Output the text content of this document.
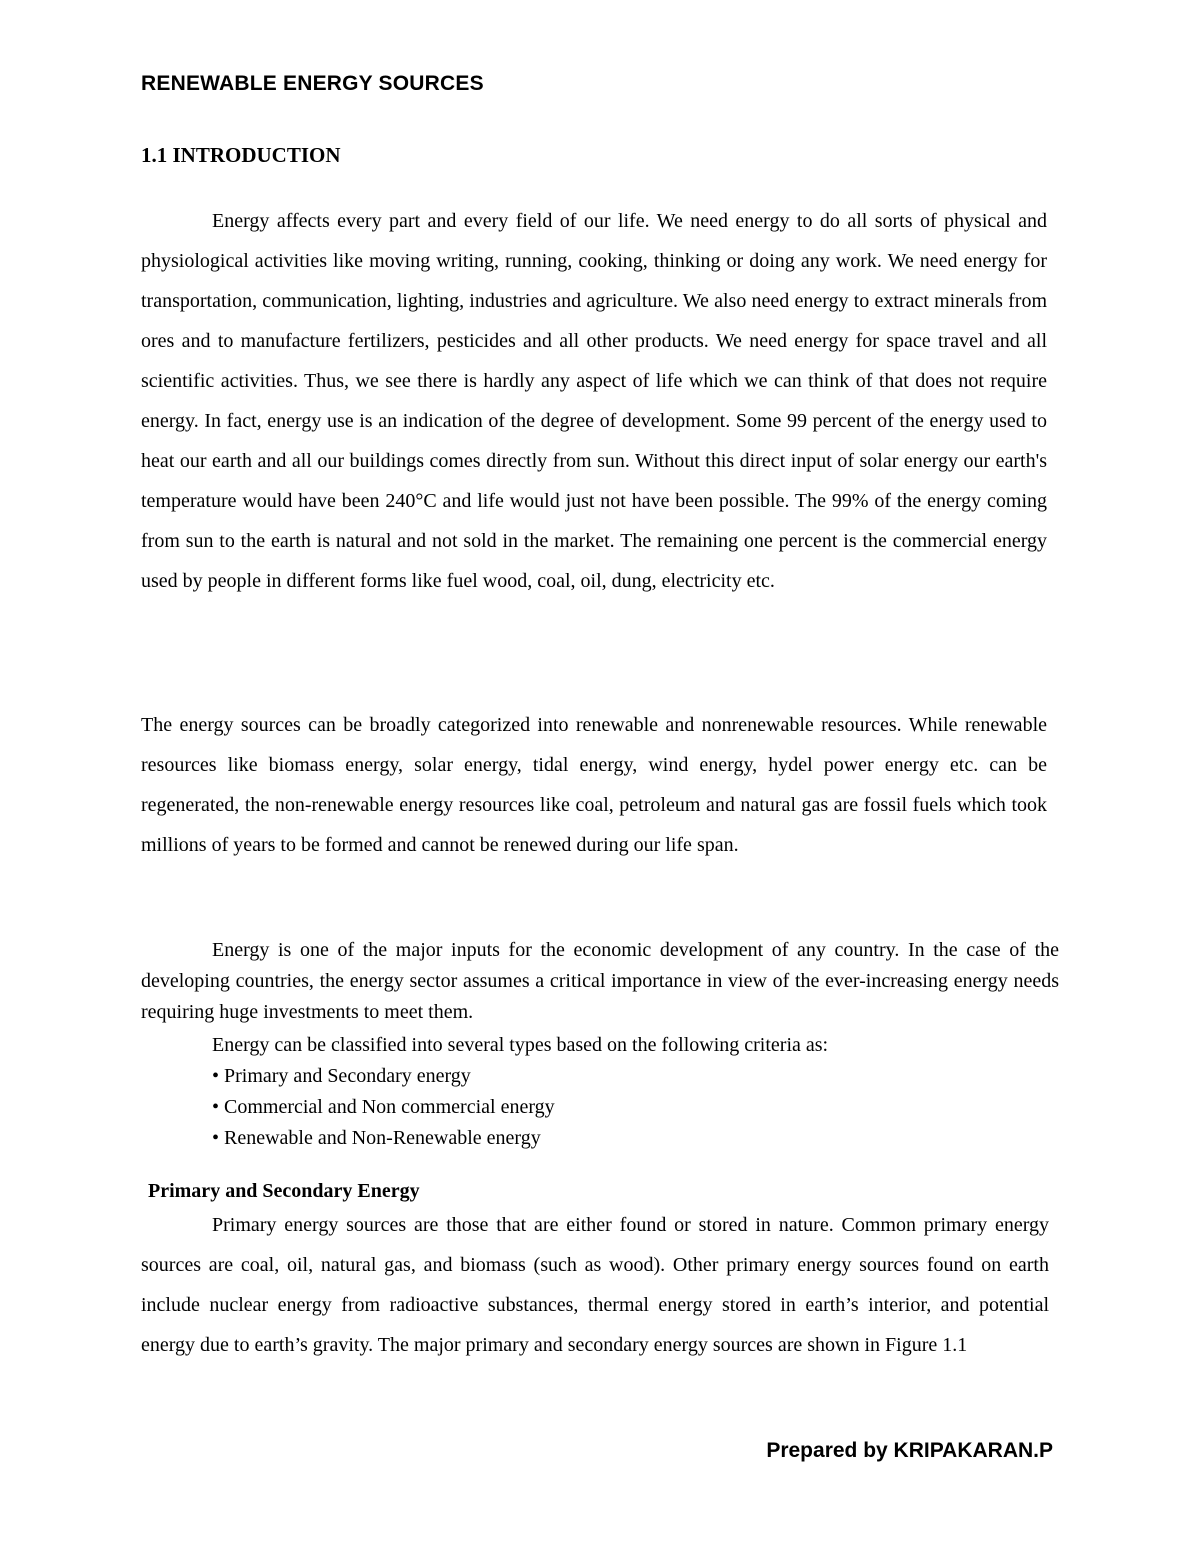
RENEWABLE ENERGY SOURCES
1.1 INTRODUCTION

Energy affects every part and every field of our life. We need energy to do all sorts of physical and physiological activities like moving writing, running, cooking, thinking or doing any work. We need energy for transportation, communication, lighting, industries and agriculture. We also need energy to extract minerals from ores and to manufacture fertilizers, pesticides and all other products. We need energy for space travel and all scientific activities. Thus, we see there is hardly any aspect of life which we can think of that does not require energy. In fact, energy use is an indication of the degree of development. Some 99 percent of the energy used to heat our earth and all our buildings comes directly from sun. Without this direct input of solar energy our earth's temperature would have been 240°C and life would just not have been possible. The 99% of the energy coming from sun to the earth is natural and not sold in the market. The remaining one percent is the commercial energy used by people in different forms like fuel wood, coal, oil, dung, electricity etc.

The energy sources can be broadly categorized into renewable and nonrenewable resources. While renewable resources like biomass energy, solar energy, tidal energy, wind energy, hydel power energy etc. can be regenerated, the non-renewable energy resources like coal, petroleum and natural gas are fossil fuels which took millions of years to be formed and cannot be renewed during our life span.

Energy is one of the major inputs for the economic development of any country. In the case of the developing countries, the energy sector assumes a critical importance in view of the ever-increasing energy needs requiring huge investments to meet them.

Energy can be classified into several types based on the following criteria as:
• Primary and Secondary energy
• Commercial and Non commercial energy
• Renewable and Non-Renewable energy
Primary and Secondary Energy

Primary energy sources are those that are either found or stored in nature. Common primary energy sources are coal, oil, natural gas, and biomass (such as wood). Other primary energy sources found on earth include nuclear energy from radioactive substances, thermal energy stored in earth’s interior, and potential energy due to earth’s gravity. The major primary and secondary energy sources are shown in Figure 1.1

Prepared by KRIPAKARAN.P
